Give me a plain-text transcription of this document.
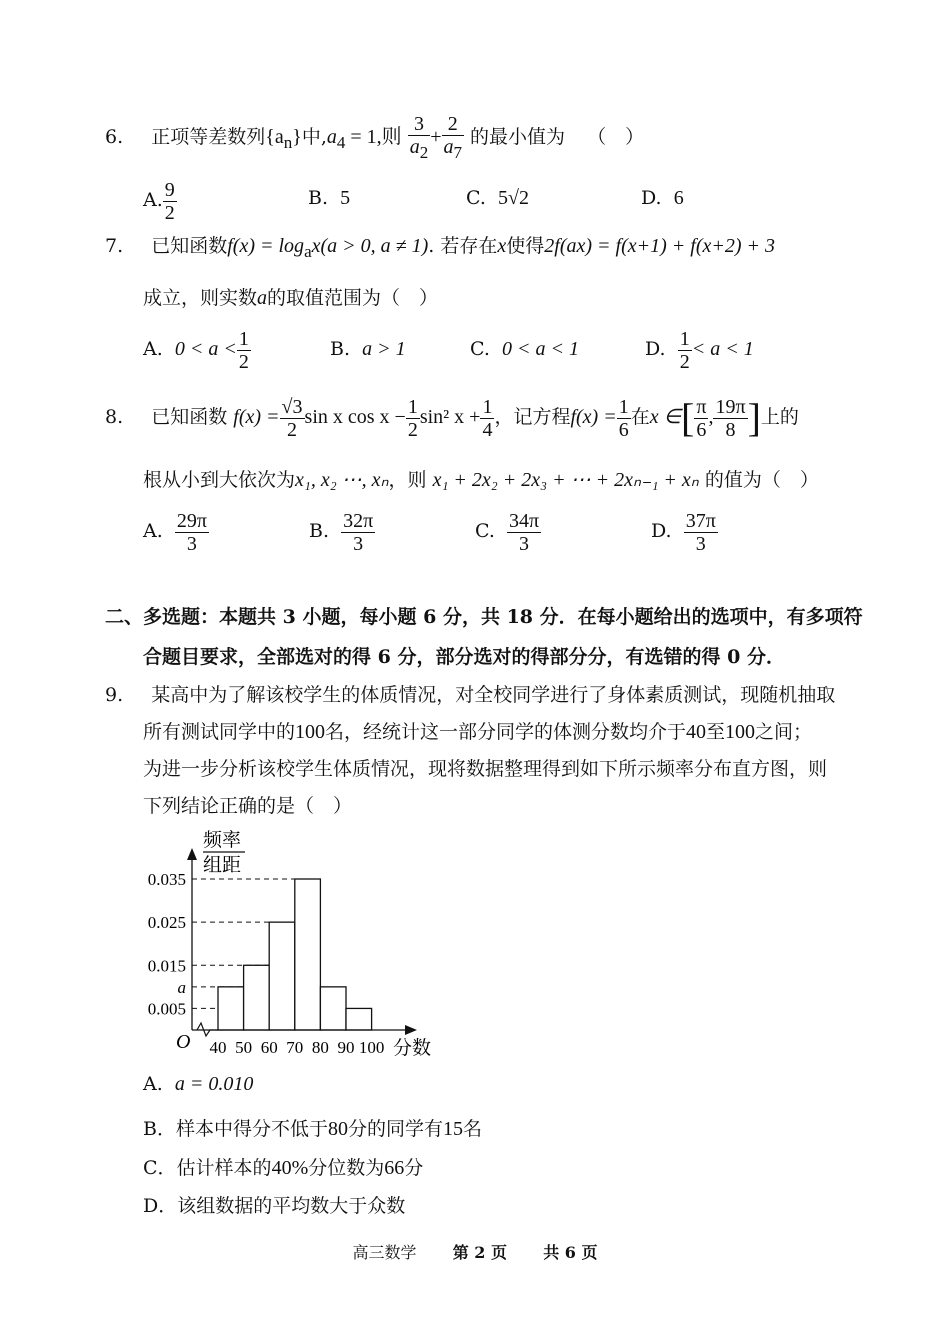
6. 正项等差数列$\{a_n\}$中$,a_4 = 1$,则 $\frac{3}{a_2} + \frac{2}{a_7}$ 的最小值为 （　）
A. $\frac{9}{2}$	B. 5	C. 5√2	D. 6
7. 已知函数$f(x) = \log_ax(a > 0$, a ≠ 1). 若存在x使得2f(ax) = f(x+1) + f(x+2) + 3
成立，则实数a的取值范围为（　）
A. $0 < a < \frac{1}{2}$	B. a > 1	C. 0 < a < 1	D. $\frac{1}{2} < a < 1$
8. 已知函数 $f(x) = \frac{√3}{2}$ sin x $\cos x - \frac{1}{2} \sin^2$ $x + \frac{1}{4}$ ，记方程$f(x) = \frac{1}{6}$ 在x ∈[ $\frac{\pi}{6}$ , $\frac{19\pi}{8}$ ]上的
根从小到大依次为x₁, x₂ ⋯, xₙ，则 x₁ + 2x₂ + 2x₃ + ⋯ + 2xₙ₋₁ + xₙ 的值为（　）
A. $\frac{29\pi}{3}$	B. $\frac{32\pi}{3}$	C. $\frac{34\pi}{3}$	D. $\frac{37\pi}{3}$
二、多选题：本题共 3 小题，每小题 6 分，共 18 分．在每小题给出的选项中，有多项符
合题目要求，全部选对的得 6 分，部分选对的得部分分，有选错的得 0 分．
9. 某高中为了解该校学生的体质情况，对全校同学进行了身体素质测试，现随机抽取
所有测试同学中的100名，经统计这一部分同学的体测分数均介于40至100之间；
为进一步分析该校学生体质情况，现将数据整理得到如下所示频率分布直方图，则
下列结论正确的是（　）
0.035
0.025
0.015
a
0.005
40 50 60 70 80 90 100
频率
组距
O	分数
A. a = 0.010
B．样本中得分不低于80分的同学有15名
C．估计样本的40%分位数为66分
D．该组数据的平均数大于众数
高三数学 第 2 页 共 6 页
